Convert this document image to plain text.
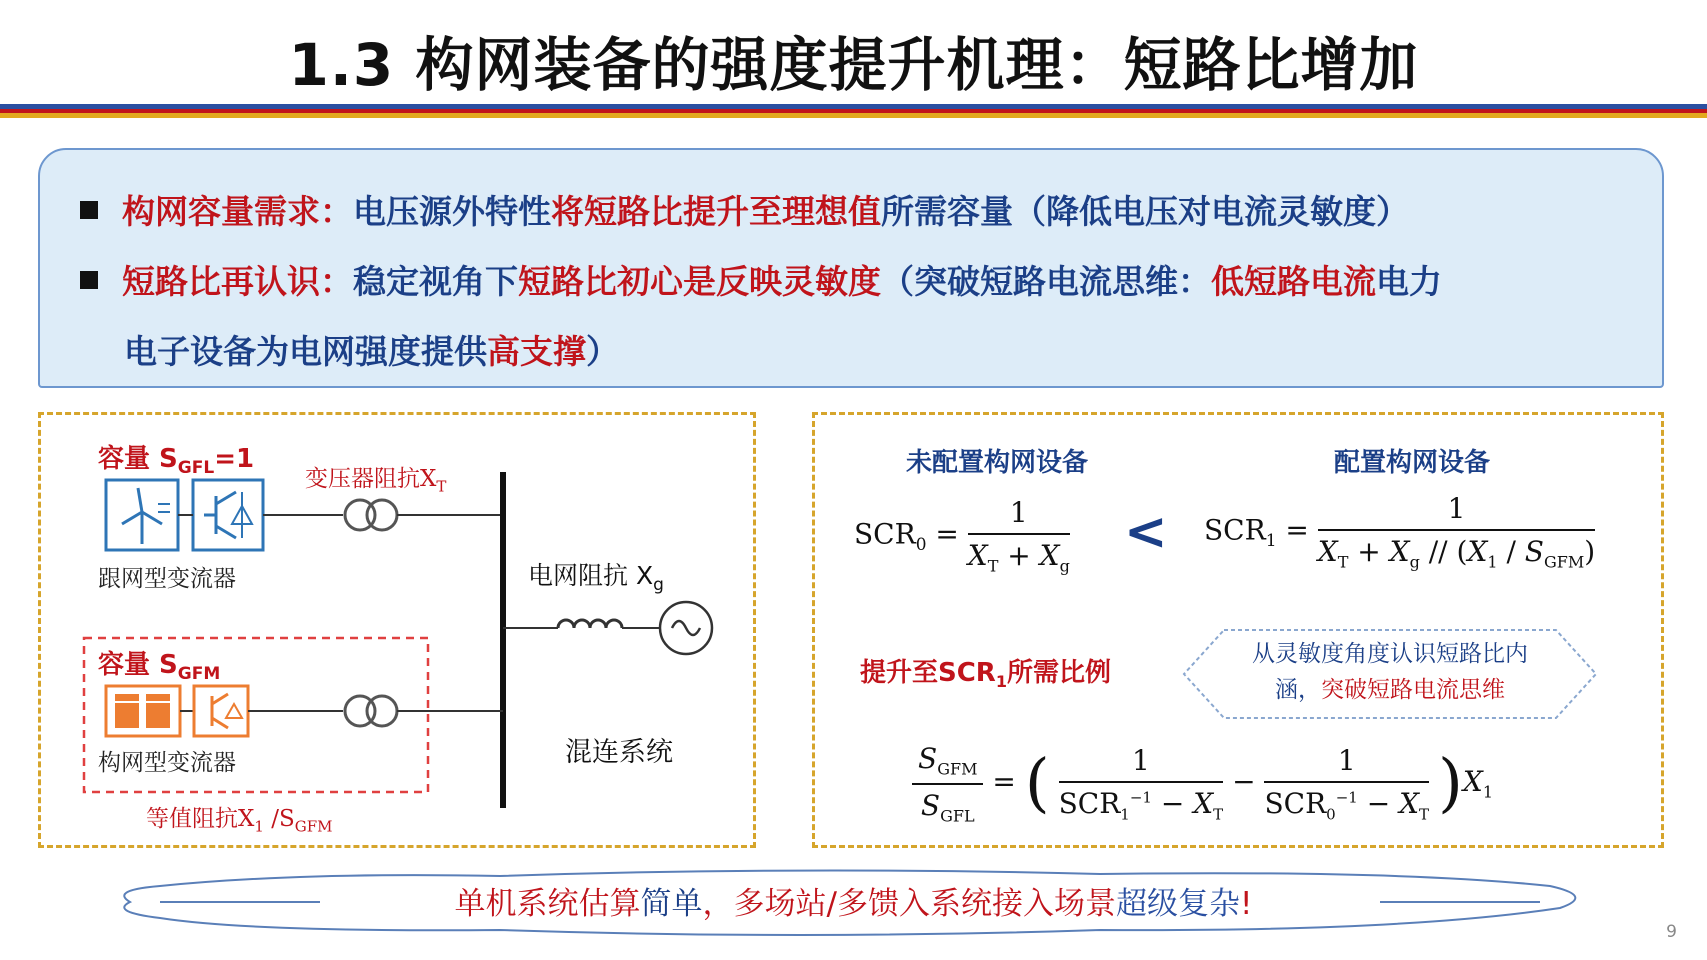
1.3 构网装备的强度提升机理：短路比增加
构网容量需求：电压源外特性将短路比提升至理想值所需容量（降低电压对电流灵敏度）
短路比再认识：稳定视角下短路比初心是反映灵敏度（突破短路电流思维：低短路电流电力
电子设备为电网强度提供高支撑）
容量 $S_{GFL}=1$
变压器阻抗$X_T$
跟网型变流器	电网阻抗 $X_g$
容量 $S_{GFM}$
构网型变流器	混连系统
等值阻抗$X_1$ $/S_{GFM}$
未配置构网设备	配置构网设备
$SCR_0 = \frac{1}{X_T + X_g} < SCR_1 = \frac{1}{X_T + X_g // (X_1 / S_{GFM})}$
提升至$SCR_1$所需比例
从灵敏度角度认识短路比内
涵，突破短路电流思维
$\frac{S_{GFM}}{S_{GFL}}$ = ( $\frac{1}{SCR_1^{-1} - X_T} - \frac{1}{SCR_0^{-1} - X_T} )X_1$
单机系统估算简单，多场站/多馈入系统接入场景超级复杂!
9
